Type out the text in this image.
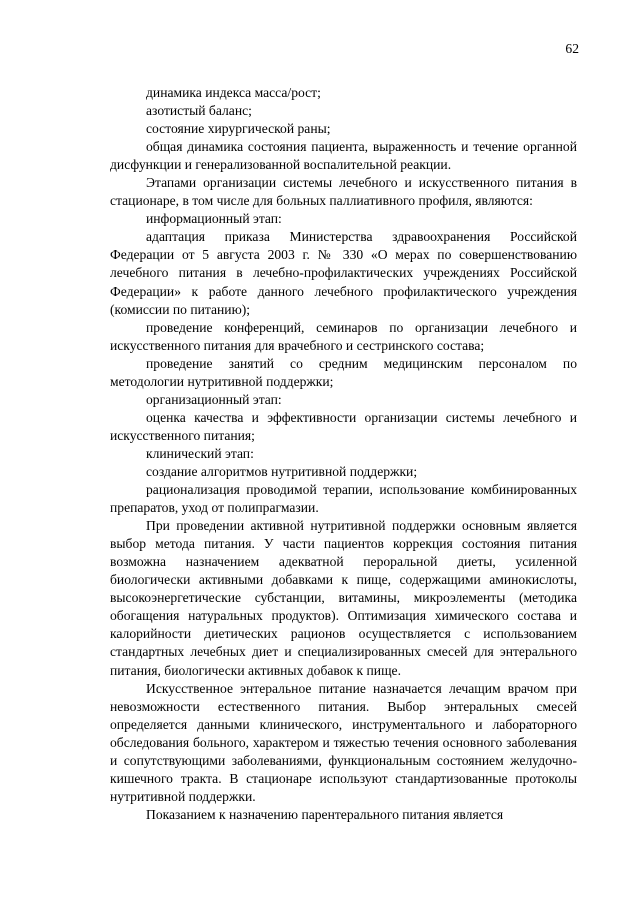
62

динамика индекса масса/рост;

азотистый баланс;

состояние хирургической раны;

общая динамика состояния пациента, выраженность и течение органной дисфункции и генерализованной воспалительной реакции.

Этапами организации системы лечебного и искусственного питания в стационаре, в том числе для больных паллиативного профиля, являются:

информационный этап:

адаптация приказа Министерства здравоохранения Российской Федерации от 5 августа 2003 г. № 330 «О мерах по совершенствованию лечебного питания в лечебно-профилактических учреждениях Российской Федерации» к работе данного лечебного профилактического учреждения (комиссии по питанию);

проведение конференций, семинаров по организации лечебного и искусственного питания для врачебного и сестринского состава;

проведение занятий со средним медицинским персоналом по методологии нутритивной поддержки;

организационный этап:

оценка качества и эффективности организации системы лечебного и искусственного питания;

клинический этап:

создание алгоритмов нутритивной поддержки;

рационализация проводимой терапии, использование комбинированных препаратов, уход от полипрагмазии.

При проведении активной нутритивной поддержки основным является выбор метода питания. У части пациентов коррекция состояния питания возможна назначением адекватной пероральной диеты, усиленной биологически активными добавками к пище, содержащими аминокислоты, высокоэнергетические субстанции, витамины, микроэлементы (методика обогащения натуральных продуктов). Оптимизация химического состава и калорийности диетических рационов осуществляется с использованием стандартных лечебных диет и специализированных смесей для энтерального питания, биологически активных добавок к пище.

Искусственное энтеральное питание назначается лечащим врачом при невозможности естественного питания. Выбор энтеральных смесей определяется данными клинического, инструментального и лабораторного обследования больного, характером и тяжестью течения основного заболевания и сопутствующими заболеваниями, функциональным состоянием желудочно-кишечного тракта. В стационаре используют стандартизованные протоколы нутритивной поддержки.

Показанием к назначению парентерального питания является
